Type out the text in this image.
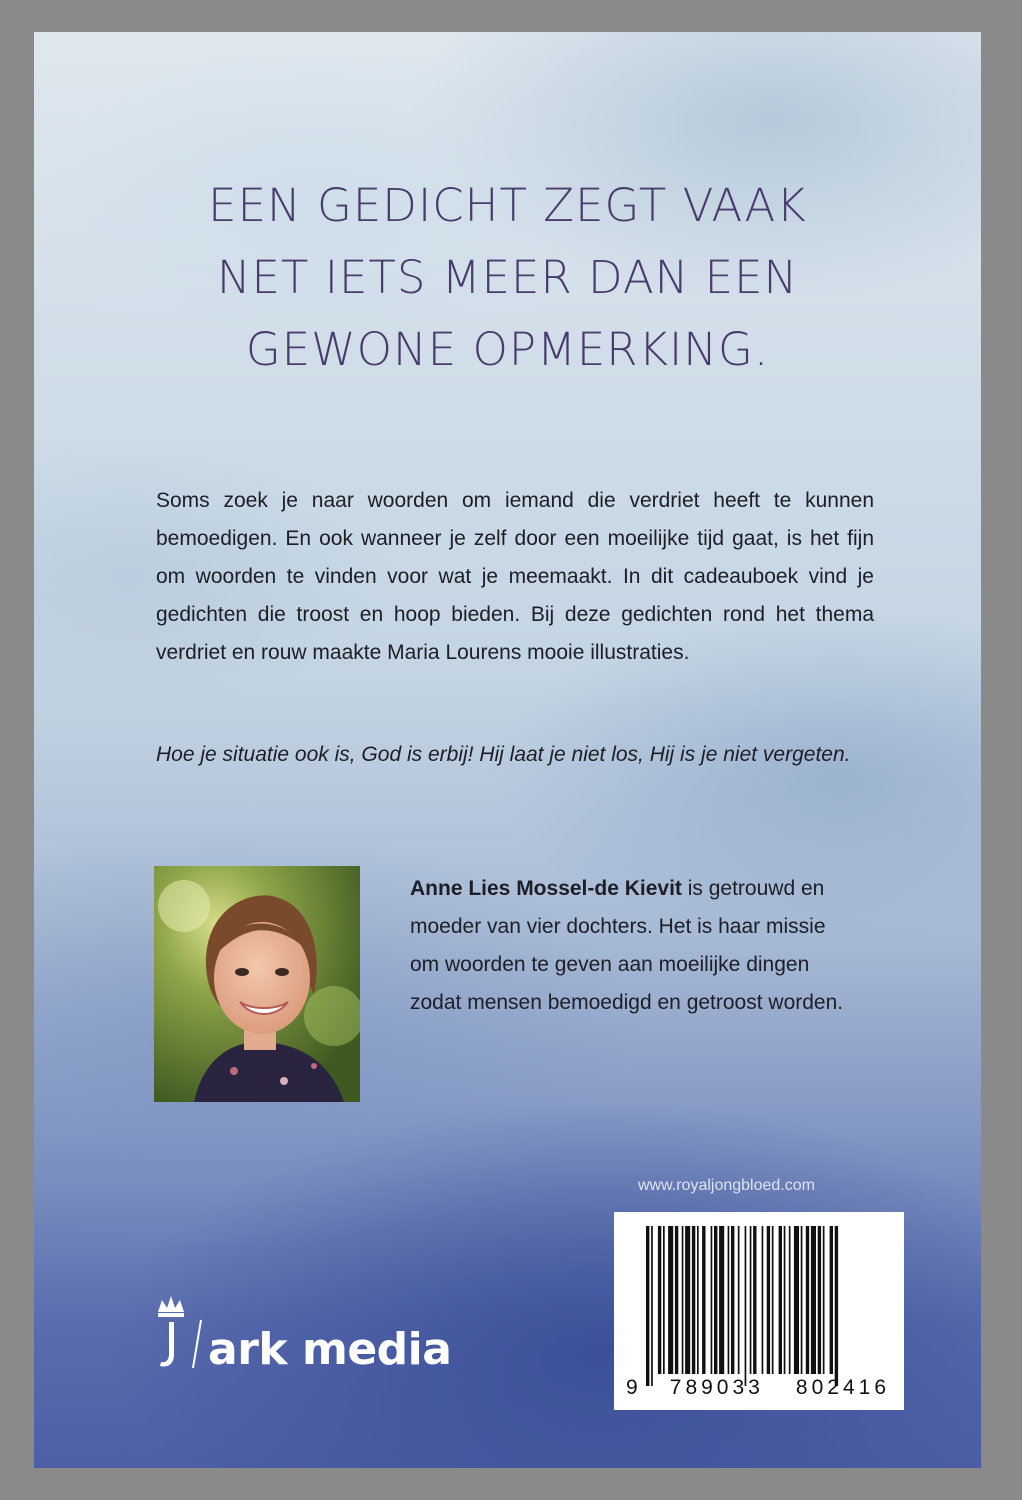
EEN GEDICHT ZEGT VAAK
NET IETS MEER DAN EEN
GEWONE OPMERKING.

Soms zoek je naar woorden om iemand die verdriet heeft te kunnen bemoedigen. En ook wanneer je zelf door een moeilijke tijd gaat, is het fijn om woorden te vinden voor wat je meemaakt. In dit cadeauboek vind je gedichten die troost en hoop bieden. Bij deze gedichten rond het thema verdriet en rouw maakte Maria Lourens mooie illustraties.

Hoe je situatie ook is, God is erbij! Hij laat je niet los, Hij is je niet vergeten.
Anne Lies Mossel-de Kievit is getrouwd en moeder van vier dochters. Het is haar missie om woorden te geven aan moeilijke dingen zodat mensen bemoedigd en getroost worden.
www.royaljongbloed.com
9 789033 802416
ark media
